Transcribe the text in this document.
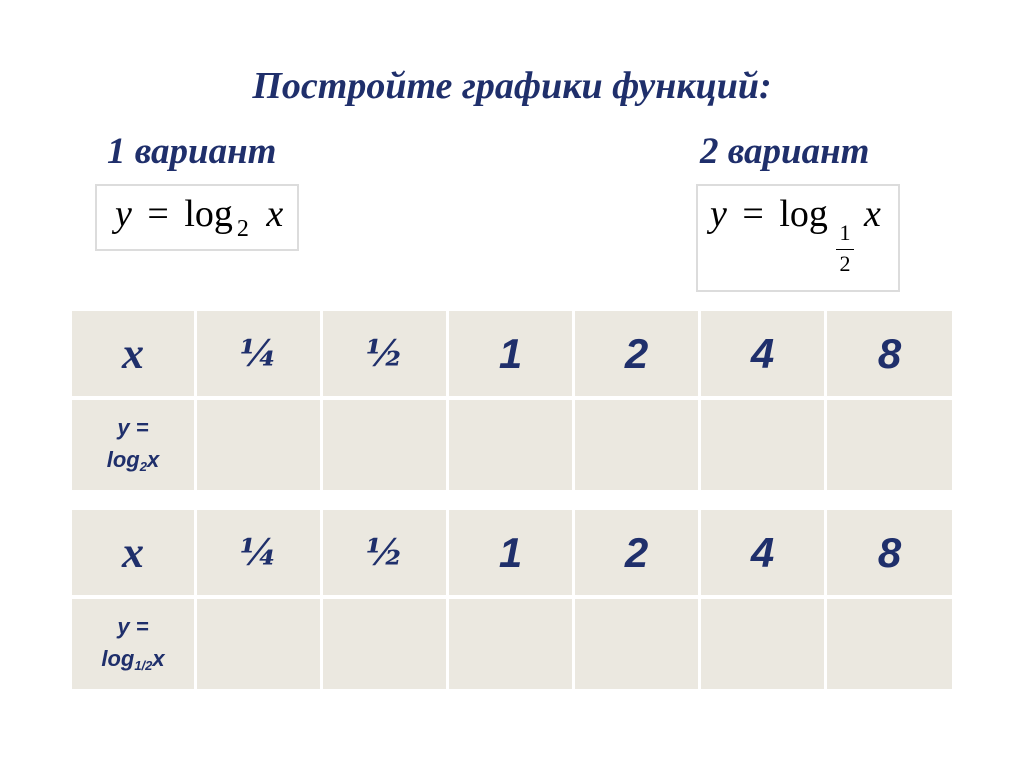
Постройте графики функций:
1 вариант	2 вариант
y = log $_2$ x	y = log 1
2
x
x	¼	½	1	2	4	8

y =
log2x						

x	¼	½	1	2	4	8

y =
log1/2x						
